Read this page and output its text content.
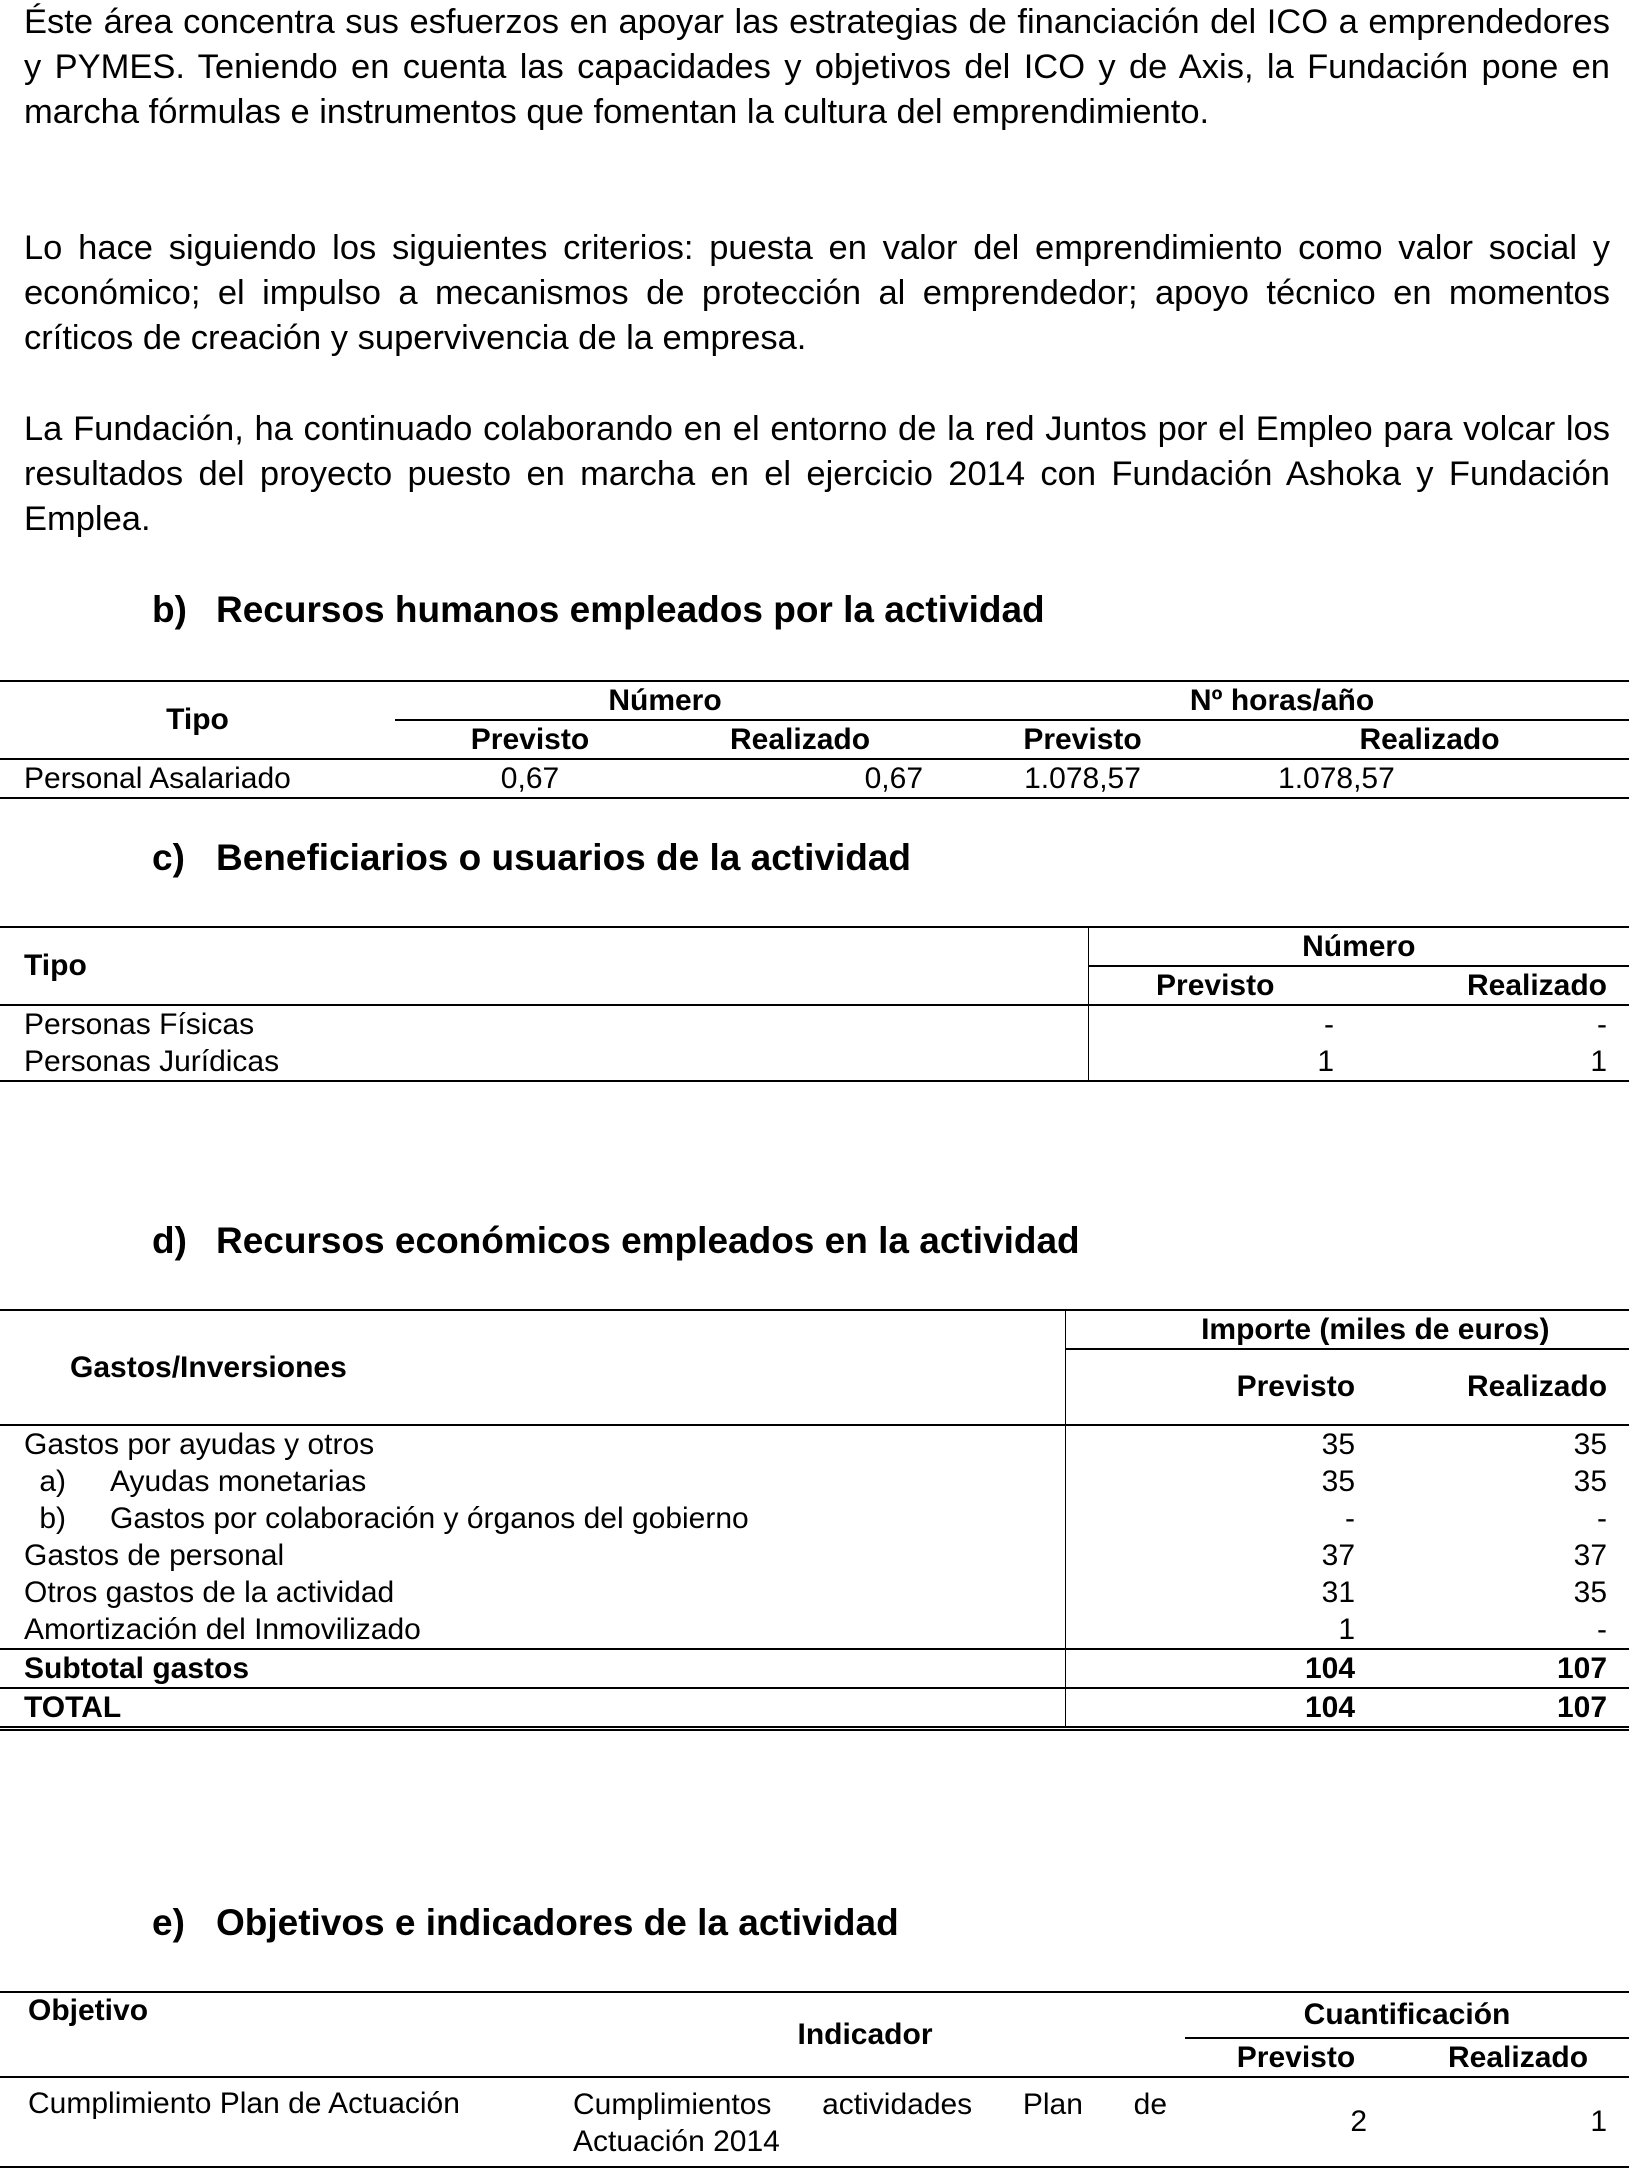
Éste área concentra sus esfuerzos en apoyar las estrategias de financiación del ICO a emprendedores y PYMES. Teniendo en cuenta las capacidades y objetivos del ICO y de Axis, la Fundación pone en marcha fórmulas e instrumentos que fomentan la cultura del emprendimiento.

Lo hace siguiendo los siguientes criterios: puesta en valor del emprendimiento como valor social y económico; el impulso a mecanismos de protección al emprendedor; apoyo técnico en momentos críticos de creación y supervivencia de la empresa.

La Fundación, ha continuado colaborando en el entorno de la red Juntos por el Empleo para volcar los resultados del proyecto puesto en marcha en el ejercicio 2014 con Fundación Ashoka y Fundación Emplea.

b) Recursos humanos empleados por la actividad
Tipo	Número		Nº horas/año	
	Previsto	Realizado	Previsto	Realizado
Personal Asalariado	0,67	0,67	1.078,57	1.078,57
c) Beneficiarios o usuarios de la actividad
Tipo	Número	
	Previsto	Realizado
Personas Físicas	-	-
Personas Jurídicas	1	1
d) Recursos económicos empleados en la actividad
Gastos/Inversiones		Importe (miles de euros)	
		Previsto	Realizado
Gastos por ayudas y otros		35	35
a)	Ayudas monetarias	35	35
b)	Gastos por colaboración y órganos del gobierno	-	-
Gastos de personal		37	37
Otros gastos de la actividad		31	35
Amortización del Inmovilizado		1	-
Subtotal gastos		104	107
TOTAL		104	107
e) Objetivos e indicadores de la actividad
Objetivo	Indicador	Cuantificación	
		Previsto	Realizado
Cumplimiento Plan de Actuación	Cumplimientos actividades Plan de Actuación 2014	2	1
